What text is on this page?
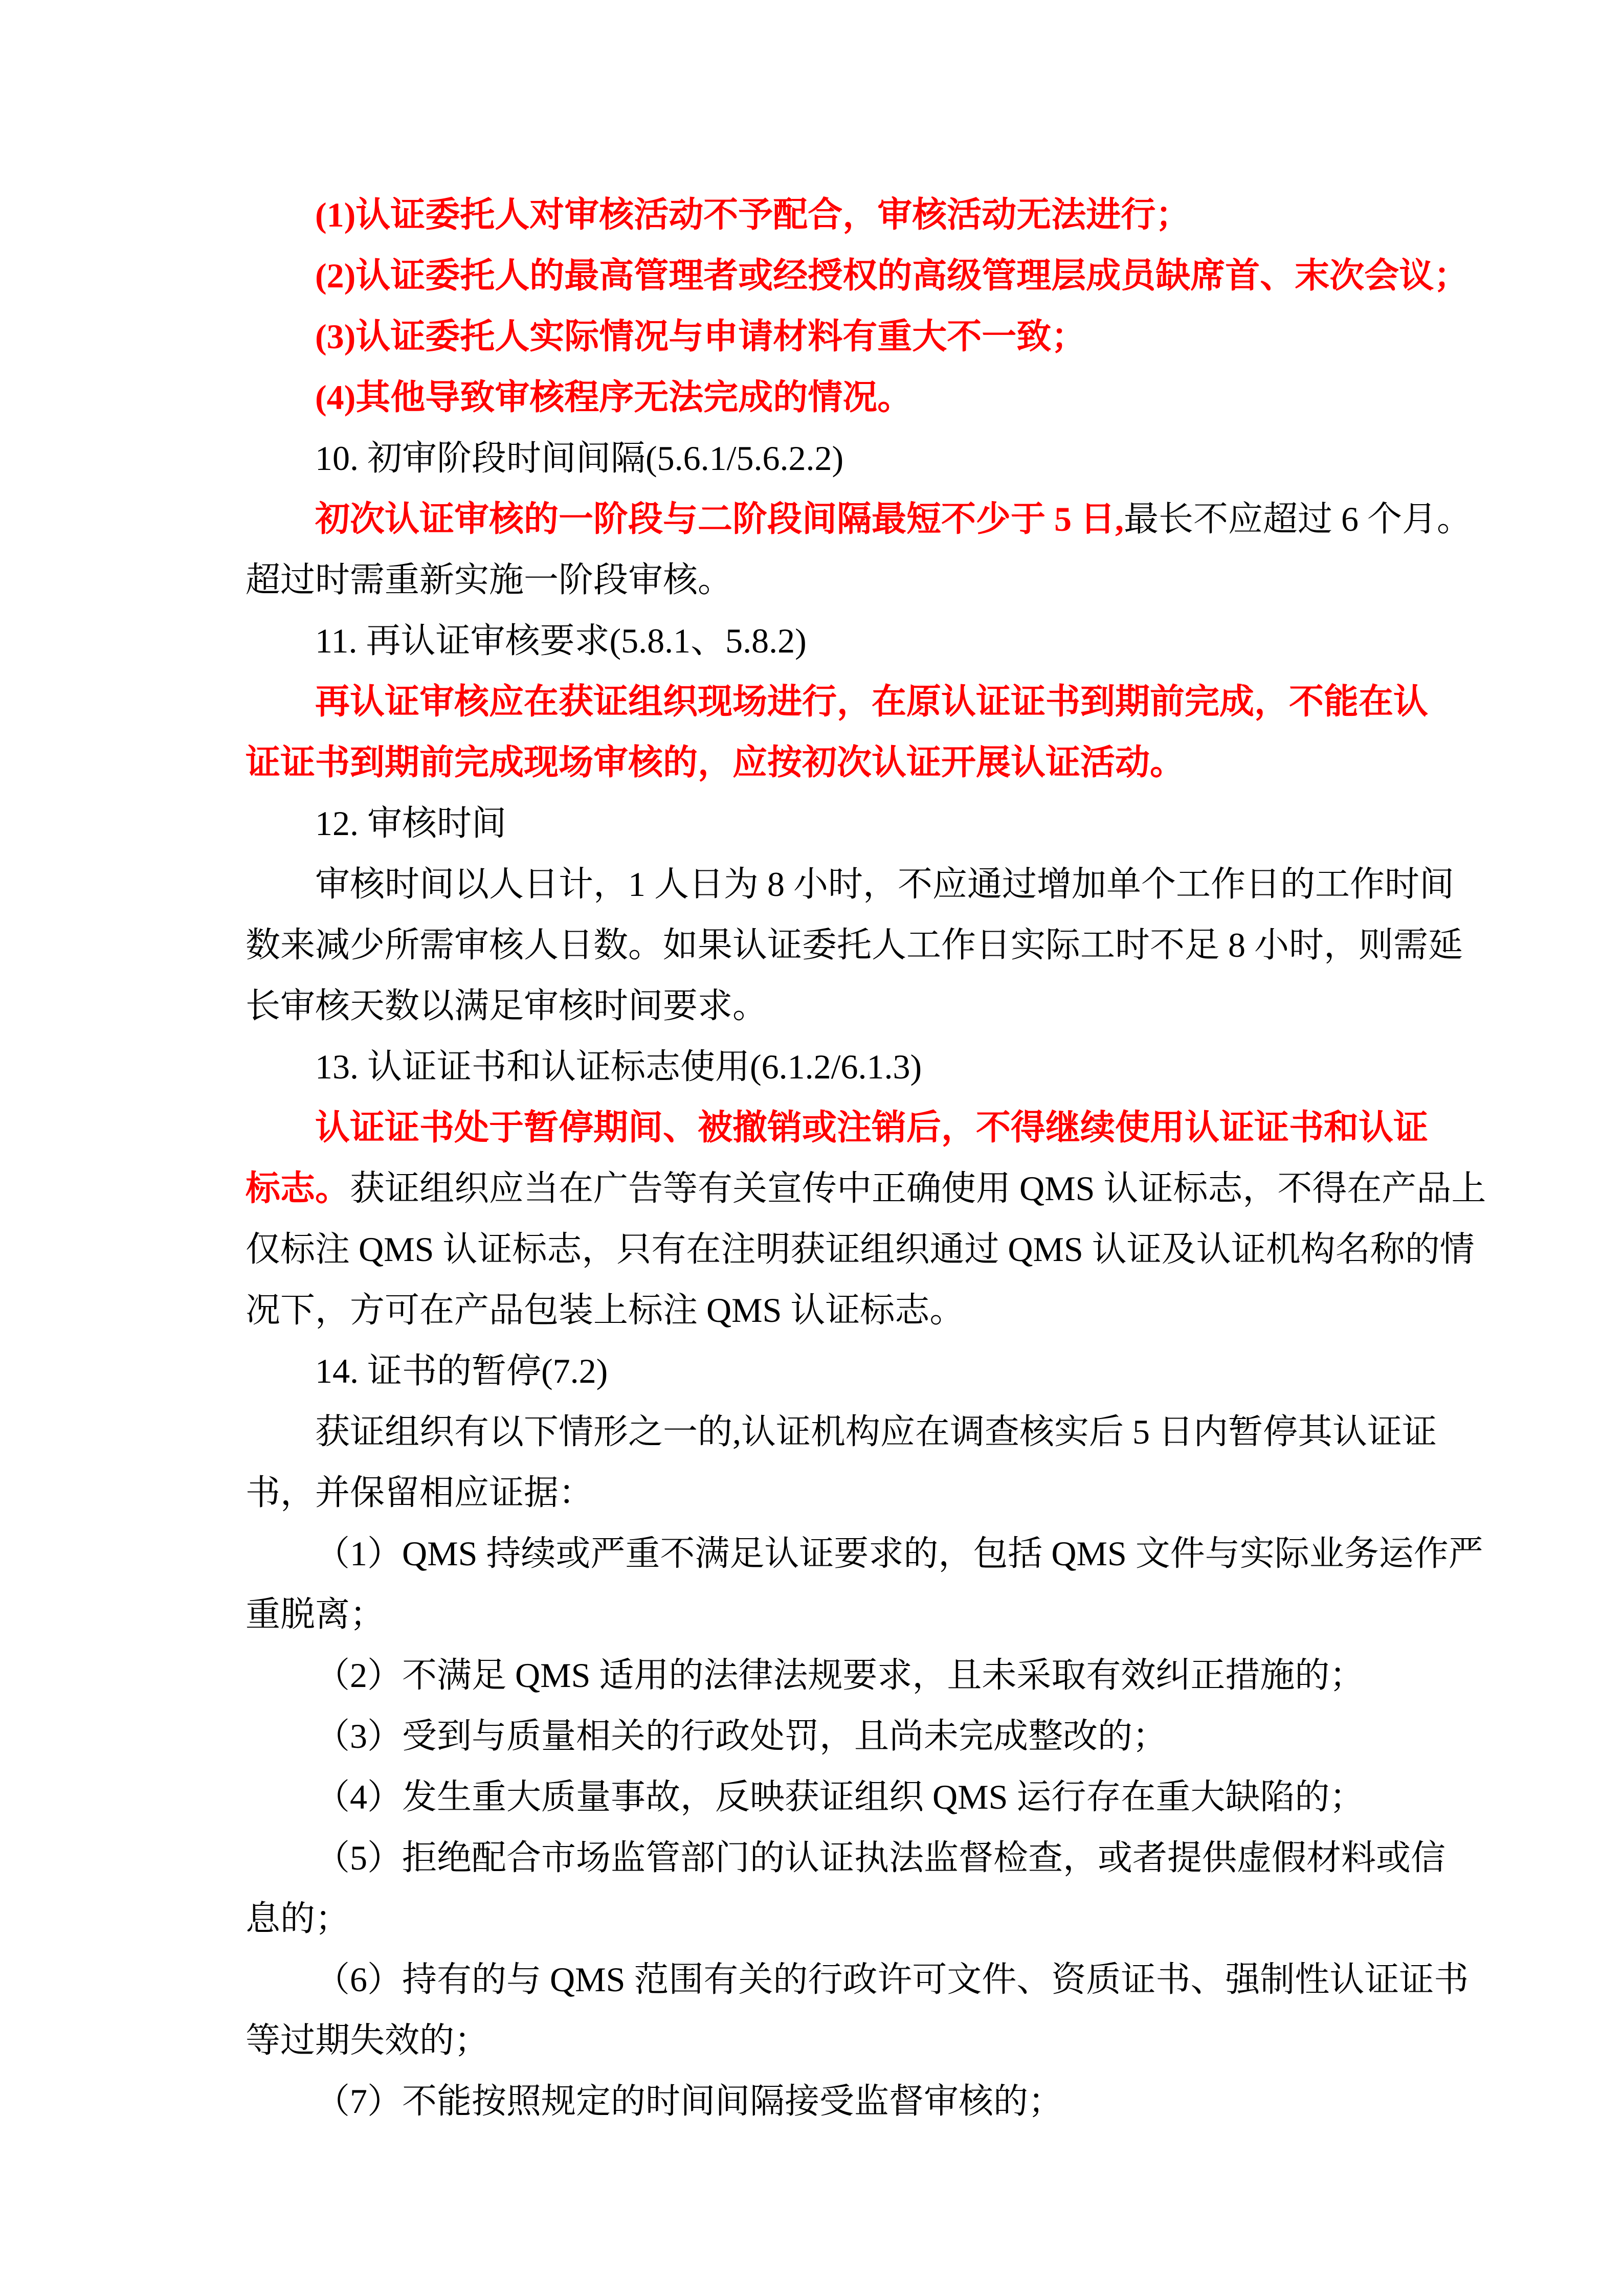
(1)认证委托人对审核活动不予配合，审核活动无法进行；
(2)认证委托人的最高管理者或经授权的高级管理层成员缺席首、末次会议；
(3)认证委托人实际情况与申请材料有重大不一致；
(4)其他导致审核程序无法完成的情况。
10. 初审阶段时间间隔(5.6.1/5.6.2.2)
初次认证审核的一阶段与二阶段间隔最短不少于 5 日,最长不应超过 6 个月。
超过时需重新实施一阶段审核。
11. 再认证审核要求(5.8.1、5.8.2)
再认证审核应在获证组织现场进行，在原认证证书到期前完成，不能在认
证证书到期前完成现场审核的，应按初次认证开展认证活动。
12. 审核时间
审核时间以人日计，1 人日为 8 小时，不应通过增加单个工作日的工作时间
数来减少所需审核人日数。如果认证委托人工作日实际工时不足 8 小时，则需延
长审核天数以满足审核时间要求。
13. 认证证书和认证标志使用(6.1.2/6.1.3)
认证证书处于暂停期间、被撤销或注销后，不得继续使用认证证书和认证
标志。获证组织应当在广告等有关宣传中正确使用 QMS 认证标志，不得在产品上
仅标注 QMS 认证标志，只有在注明获证组织通过 QMS 认证及认证机构名称的情
况下，方可在产品包装上标注 QMS 认证标志。
14. 证书的暂停(7.2)
获证组织有以下情形之一的,认证机构应在调查核实后 5 日内暂停其认证证
书，并保留相应证据：
（1）QMS 持续或严重不满足认证要求的，包括 QMS 文件与实际业务运作严
重脱离；
（2）不满足 QMS 适用的法律法规要求，且未采取有效纠正措施的；
（3）受到与质量相关的行政处罚，且尚未完成整改的；
（4）发生重大质量事故，反映获证组织 QMS 运行存在重大缺陷的；
（5）拒绝配合市场监管部门的认证执法监督检查，或者提供虚假材料或信
息的；
（6）持有的与 QMS 范围有关的行政许可文件、资质证书、强制性认证证书
等过期失效的；
（7）不能按照规定的时间间隔接受监督审核的；
